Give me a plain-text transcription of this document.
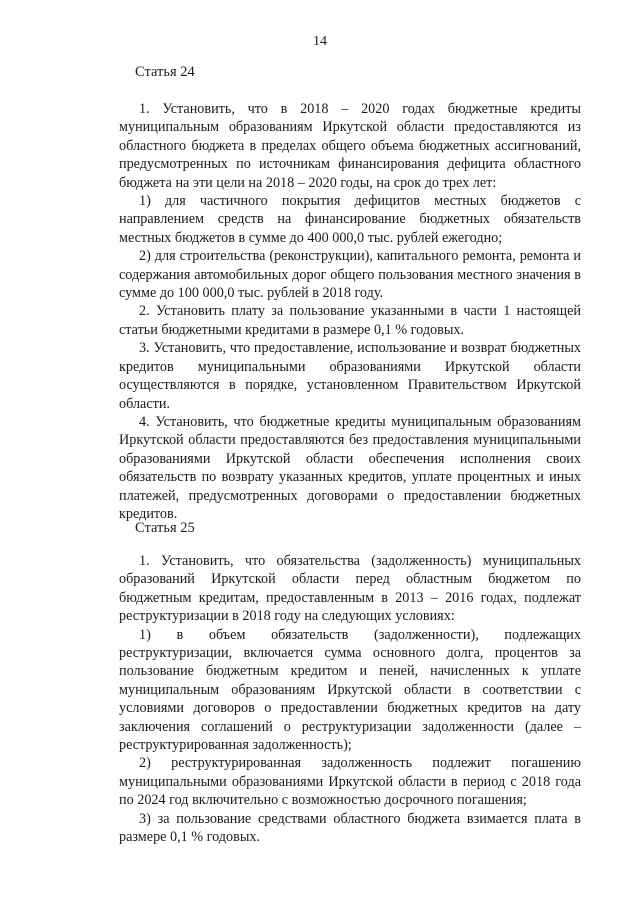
14
Статья 24

1. Установить, что в 2018 – 2020 годах бюджетные кредиты муниципальным образованиям Иркутской области предоставляются из областного бюджета в пределах общего объема бюджетных ассигнований, предусмотренных по источникам финансирования дефицита областного бюджета на эти цели на 2018 – 2020 годы, на срок до трех лет:

1) для частичного покрытия дефицитов местных бюджетов с направлением средств на финансирование бюджетных обязательств местных бюджетов в сумме до 400 000,0 тыс. рублей ежегодно;

2) для строительства (реконструкции), капитального ремонта, ремонта и содержания автомобильных дорог общего пользования местного значения в сумме до 100 000,0 тыс. рублей в 2018 году.

2. Установить плату за пользование указанными в части 1 настоящей статьи бюджетными кредитами в размере 0,1 % годовых.

3. Установить, что предоставление, использование и возврат бюджетных кредитов муниципальными образованиями Иркутской области осуществляются в порядке, установленном Правительством Иркутской области.

4. Установить, что бюджетные кредиты муниципальным образованиям Иркутской области предоставляются без предоставления муниципальными образованиями Иркутской области обеспечения исполнения своих обязательств по возврату указанных кредитов, уплате процентных и иных платежей, предусмотренных договорами о предоставлении бюджетных кредитов.

Статья 25

1. Установить, что обязательства (задолженность) муниципальных образований Иркутской области перед областным бюджетом по бюджетным кредитам, предоставленным в 2013 – 2016 годах, подлежат реструктуризации в 2018 году на следующих условиях:

1) в объем обязательств (задолженности), подлежащих реструктуризации, включается сумма основного долга, процентов за пользование бюджетным кредитом и пеней, начисленных к уплате муниципальным образованиям Иркутской области в соответствии с условиями договоров о предоставлении бюджетных кредитов на дату заключения соглашений о реструктуризации задолженности (далее – реструктурированная задолженность);

2) реструктурированная задолженность подлежит погашению муниципальными образованиями Иркутской области в период с 2018 года по 2024 год включительно с возможностью досрочного погашения;

3) за пользование средствами областного бюджета взимается плата в размере 0,1 % годовых.
